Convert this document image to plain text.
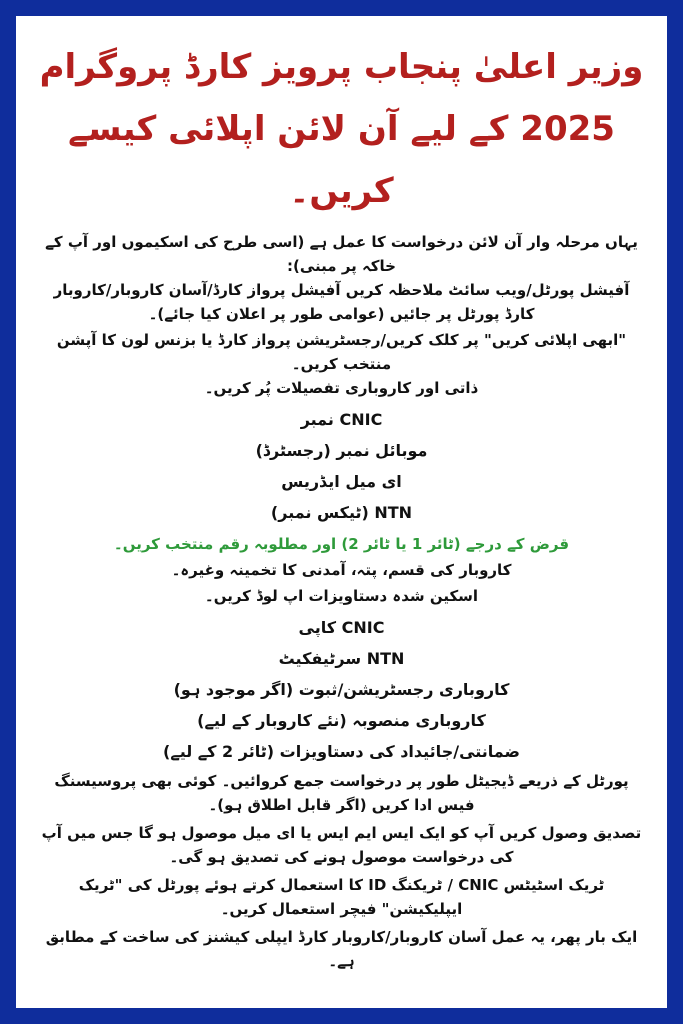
وزیر اعلیٰ پنجاب پرویز کارڈ پروگرام 2025 کے لیے آن لائن اپلائی کیسے کریں۔

یہاں مرحلہ وار آن لائن درخواست کا عمل ہے (اسی طرح کی اسکیموں اور آپ کے خاکہ پر مبنی):

آفیشل پورٹل/ویب سائٹ ملاحظہ کریں آفیشل پرواز کارڈ/آسان کاروبار/کاروبار کارڈ پورٹل پر جائیں (عوامی طور پر اعلان کیا جائے)۔

"ابھی اپلائی کریں" پر کلک کریں/رجسٹریشن پرواز کارڈ یا بزنس لون کا آپشن منتخب کریں۔

ذاتی اور کاروباری تفصیلات پُر کریں۔

CNIC نمبر

موبائل نمبر (رجسٹرڈ)

ای میل ایڈریس

NTN (ٹیکس نمبر)

قرض کے درجے (ٹائر 1 یا ٹائر 2) اور مطلوبہ رقم منتخب کریں۔

کاروبار کی قسم، پتہ، آمدنی کا تخمینہ وغیرہ۔

اسکین شدہ دستاویزات اپ لوڈ کریں۔

CNIC کاپی

NTN سرٹیفکیٹ

کاروباری رجسٹریشن/ثبوت (اگر موجود ہو)

کاروباری منصوبہ (نئے کاروبار کے لیے)

ضمانتی/جائیداد کی دستاویزات (ٹائر 2 کے لیے)

پورٹل کے ذریعے ڈیجیٹل طور پر درخواست جمع کروائیں۔ کوئی بھی پروسیسنگ فیس ادا کریں (اگر قابل اطلاق ہو)۔

تصدیق وصول کریں آپ کو ایک ایس ایم ایس یا ای میل موصول ہو گا جس میں آپ کی درخواست موصول ہونے کی تصدیق ہو گی۔

ٹریک اسٹیٹس CNIC / ٹریکنگ ID کا استعمال کرتے ہوئے پورٹل کی "ٹریک ایپلیکیشن" فیچر استعمال کریں۔

ایک بار پھر، یہ عمل آسان کاروبار/کاروبار کارڈ ایپلی کیشنز کی ساخت کے مطابق ہے۔
